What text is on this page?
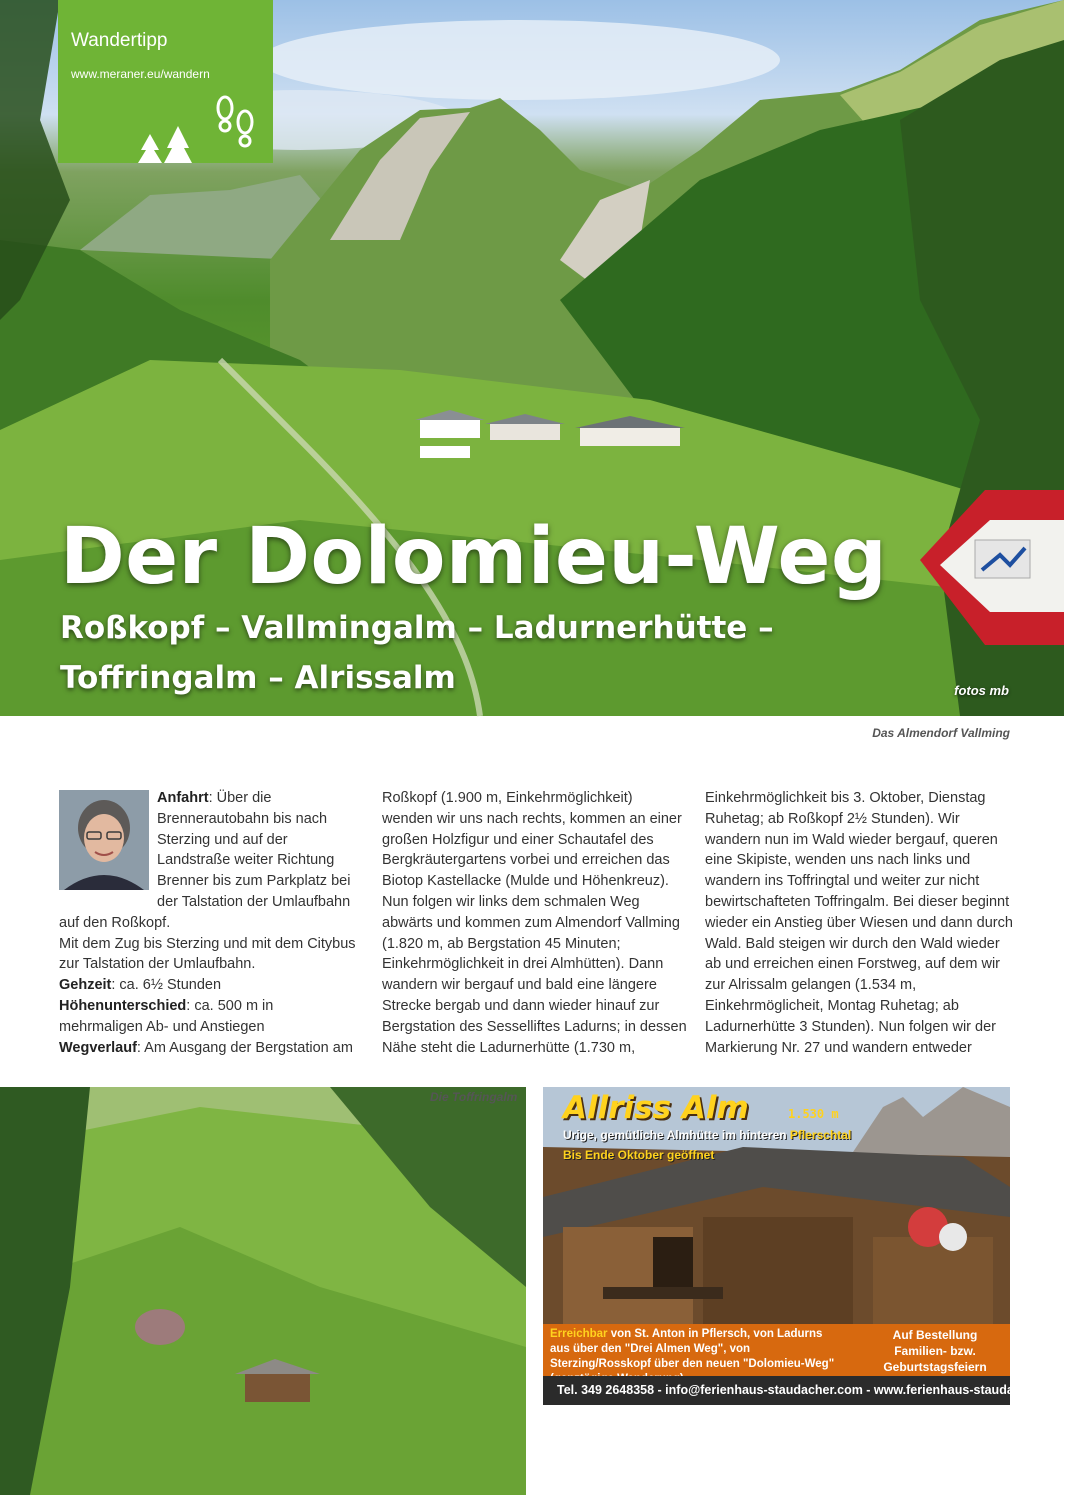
Wandertipp
www.meraner.eu/wandern
Der Dolomieu-Weg
Roßkopf – Vallmingalm – Ladurnerhütte –
Toffringalm – Alrissalm	fotos mb
Das Almendorf Vallming

Anfahrt: Über die Brennerautobahn bis nach Sterzing und auf der Landstraße weiter Richtung Brenner bis zum Parkplatz bei der Talstation der Umlaufbahn auf den Roßkopf.

Mit dem Zug bis Sterzing und mit dem Citybus zur Talstation der Umlaufbahn.

Gehzeit: ca. 6½ Stunden

Höhenunterschied: ca. 500 m in mehrmaligen Ab- und Anstiegen

Wegverlauf: Am Ausgang der Bergstation am

Roßkopf (1.900 m, Einkehrmöglichkeit) wenden wir uns nach rechts, kommen an einer großen Holzfigur und einer Schautafel des Bergkräutergartens vorbei und erreichen das Biotop Kastellacke (Mulde und Höhenkreuz). Nun folgen wir links dem schmalen Weg abwärts und kommen zum Almendorf Vallming (1.820 m, ab Bergstation 45 Minuten; Einkehrmöglichkeit in drei Almhütten). Dann wandern wir bergauf und bald eine längere Strecke bergab und dann wieder hinauf zur Bergstation des Sesselliftes Ladurns; in dessen Nähe steht die Ladurnerhütte (1.730 m,

Einkehrmöglichkeit bis 3. Oktober, Dienstag Ruhetag; ab Roßkopf 2½ Stunden). Wir wandern nun im Wald wieder bergauf, queren eine Skipiste, wenden uns nach links und wandern ins Toffringtal und weiter zur nicht bewirtschafteten Toffringalm. Bei dieser beginnt wieder ein Anstieg über Wiesen und dann durch Wald. Bald steigen wir durch den Wald wieder ab und erreichen einen Forstweg, auf dem wir zur Alrissalm gelangen (1.534 m, Einkehrmöglicheit, Montag Ruhetag; ab Ladurnerhütte 3 Stunden). Nun folgen wir der Markierung Nr. 27 und wandern entweder

Die Toffringalm Allriss Alm	1.530 m
Urige, gemütliche Almhütte im hinteren Pflerschtal
Bis Ende Oktober geöffnet
Erreichbar von St. Anton in Pflersch, von Ladurns aus über den "Drei Almen Weg", von Sterzing/Rosskopf über den neuen "Dolomieu-Weg"
Auf Bestellung
Familien- bzw.
Geburtstagsfeiern
Tel. 349 2648358 - info@ferienhaus-staudacher.com - www.ferienhaus-staudacher.com
